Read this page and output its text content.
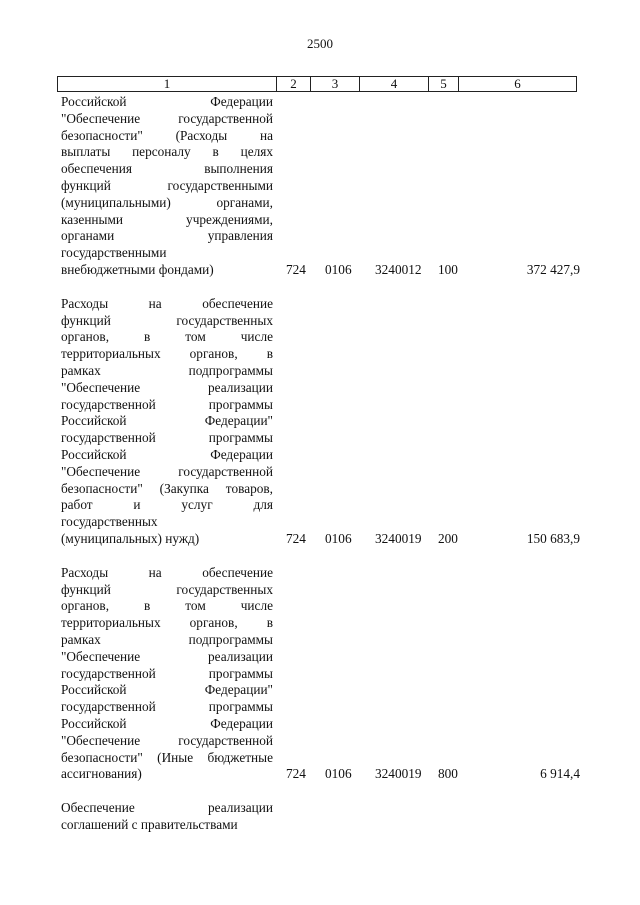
2500
1	2	3	4	5	6
Российской Федерации
"Обеспечение государственной
безопасности" (Расходы на
выплаты персоналу в целях
обеспечения выполнения
функций государственными
(муниципальными) органами,
казенными учреждениями,
органами управления
государственными
внебюджетными фондами)	724 0106 3240012 100	372 427,9
Расходы на обеспечение
функций государственных
органов, в том числе
территориальных органов, в
рамках подпрограммы
"Обеспечение реализации
государственной программы
Российской Федерации"
государственной программы
Российской Федерации
"Обеспечение государственной
безопасности" (Закупка товаров,
работ и услуг для
государственных
(муниципальных) нужд)	724 0106 3240019 200	150 683,9
Расходы на обеспечение
функций государственных
органов, в том числе
территориальных органов, в
рамках подпрограммы
"Обеспечение реализации
государственной программы
Российской Федерации"
государственной программы
Российской Федерации
"Обеспечение государственной
безопасности" (Иные бюджетные
ассигнования)	724 0106 3240019 800	6 914,4
Обеспечение реализации
соглашений с правительствами
